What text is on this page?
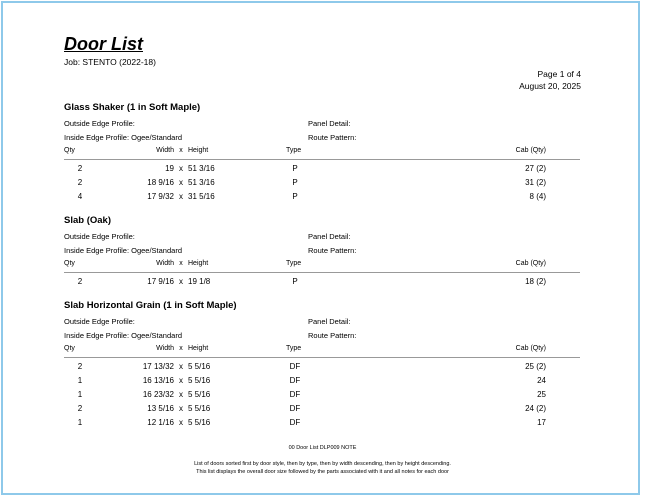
Door List
Job: STENTO (2022-18)
Page 1 of 4
August 20, 2025
Glass Shaker (1 in Soft Maple)
Outside Edge Profile:	Panel Detail:
Inside Edge Profile: Ogee/Standard	Route Pattern:
Qty	Width x Height	Type	Cab (Qty)
2	19 x 51 3/16	P	27 (2)
2	18 9/16 x 51 3/16	P	31 (2)
4	17 9/32 x 31 5/16	P	8 (4)
Slab (Oak)
Outside Edge Profile:	Panel Detail:
Inside Edge Profile: Ogee/Standard	Route Pattern:
Qty	Width x Height	Type	Cab (Qty)
2	17 9/16 x 19 1/8	P	18 (2)
Slab Horizontal Grain (1 in Soft Maple)
Outside Edge Profile:	Panel Detail:
Inside Edge Profile: Ogee/Standard	Route Pattern:
Qty	Width x Height	Type	Cab (Qty)
2	17 13/32 x 5 5/16	DF	25 (2)
1	16 13/16 x 5 5/16	DF	24
1	16 23/32 x 5 5/16	DF	25
2	13 5/16 x 5 5/16	DF	24 (2)
1	12 1/16 x 5 5/16	DF	17
00 Door List DLP009 NOTE
List of doors sorted first by door style, then by type, then by width descending, then by height descending.
This list displays the overall door size followed by the parts associated with it and all notes for each door
